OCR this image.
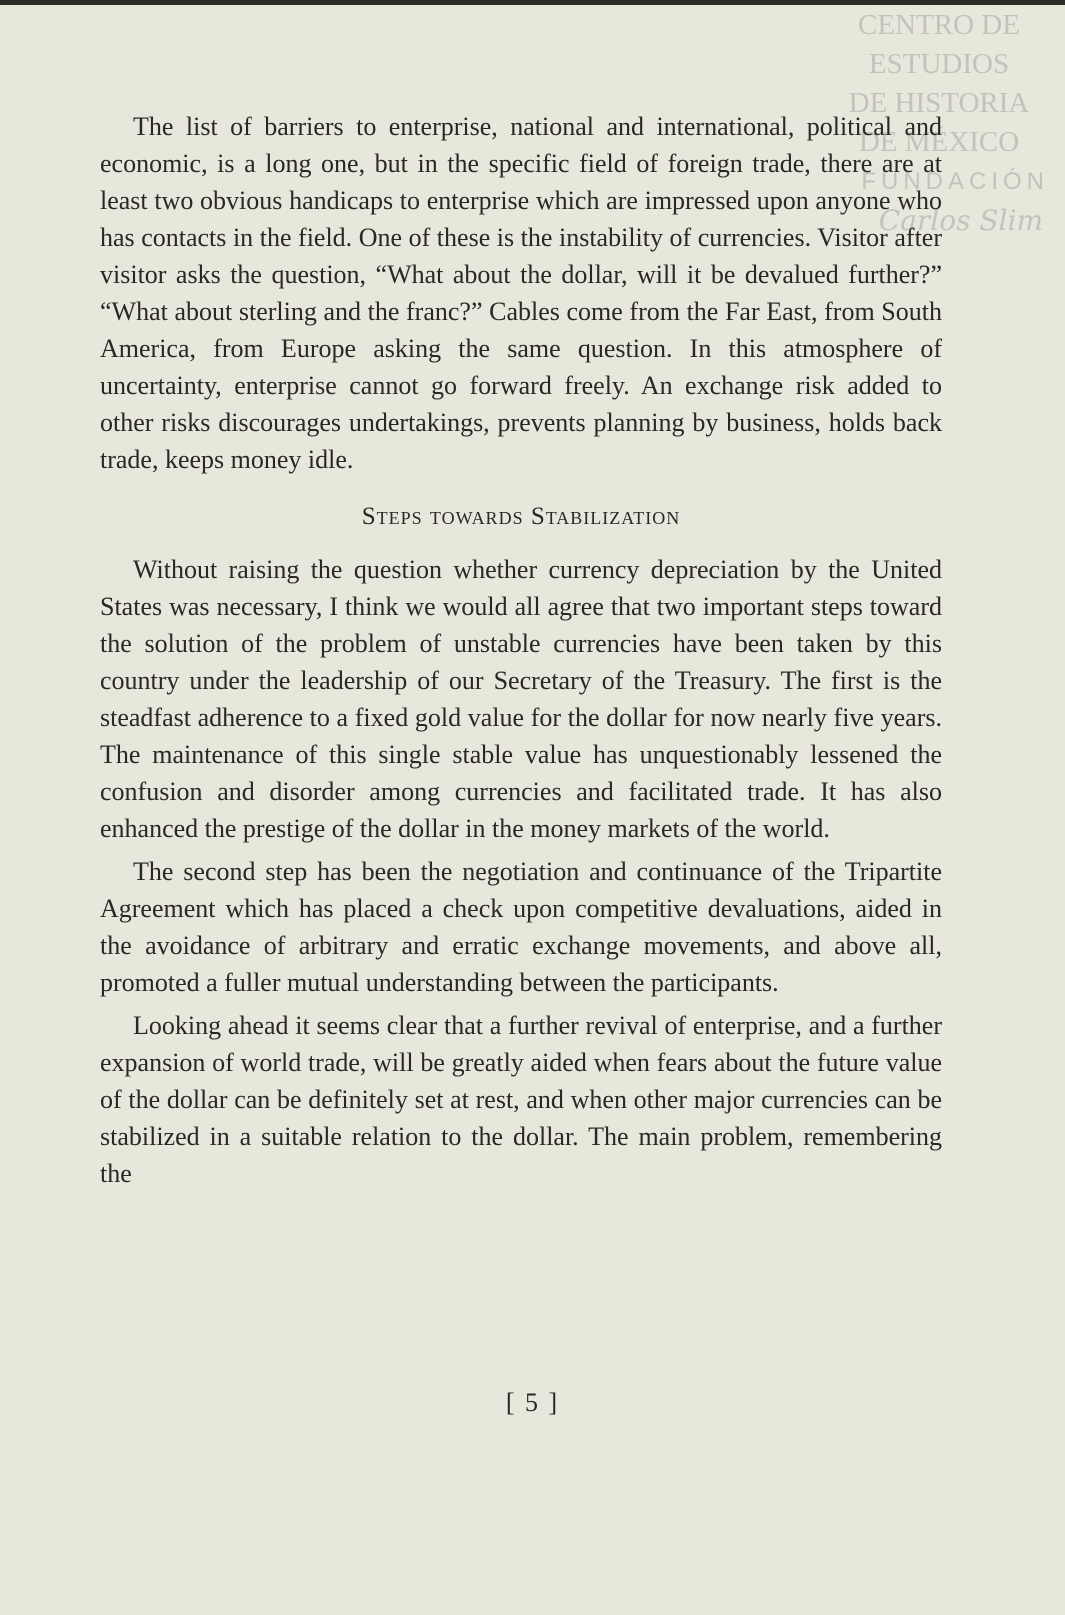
CENTRO DE
ESTUDIOS
DE HISTORIA
DE MÉXICO
FUNDACIÓN
Carlos Slim

The list of barriers to enterprise, national and international, political and economic, is a long one, but in the specific field of foreign trade, there are at least two obvious handicaps to enterprise which are impressed upon anyone who has contacts in the field. One of these is the instability of currencies. Visitor after visitor asks the question, “What about the dollar, will it be devalued further?” “What about sterling and the franc?” Cables come from the Far East, from South America, from Europe asking the same question. In this atmosphere of uncertainty, enterprise cannot go forward freely. An exchange risk added to other risks discourages undertakings, prevents planning by business, holds back trade, keeps money idle.

Steps towards Stabilization

Without raising the question whether currency depreciation by the United States was necessary, I think we would all agree that two important steps toward the solution of the problem of unstable currencies have been taken by this country under the leadership of our Secretary of the Treasury. The first is the steadfast adherence to a fixed gold value for the dollar for now nearly five years. The maintenance of this single stable value has unquestionably lessened the confusion and disorder among currencies and facilitated trade. It has also enhanced the prestige of the dollar in the money markets of the world.

The second step has been the negotiation and continuance of the Tripartite Agreement which has placed a check upon competitive devaluations, aided in the avoidance of arbitrary and erratic exchange movements, and above all, promoted a fuller mutual understanding between the participants.

Looking ahead it seems clear that a further revival of enterprise, and a further expansion of world trade, will be greatly aided when fears about the future value of the dollar can be definitely set at rest, and when other major currencies can be stabilized in a suitable relation to the dollar. The main problem, remembering the

[ 5 ]
